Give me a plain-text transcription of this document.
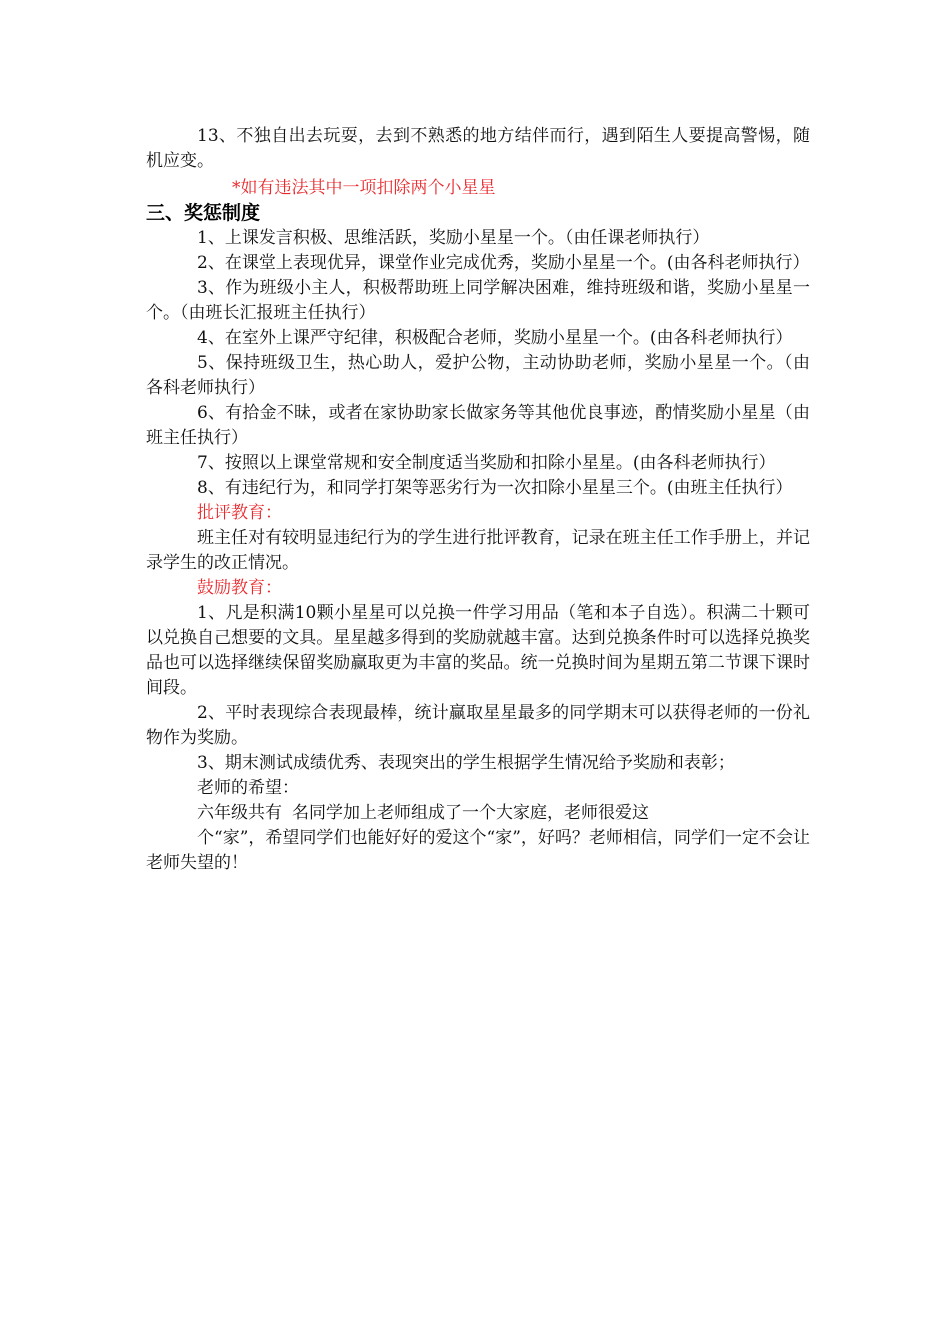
13、不独自出去玩耍，去到不熟悉的地方结伴而行，遇到陌生人要提高警惕，随机应变。

*如有违法其中一项扣除两个小星星

三、奖惩制度

1、上课发言积极、思维活跃，奖励小星星一个。（由任课老师执行）

2、在课堂上表现优异，课堂作业完成优秀，奖励小星星一个。(由各科老师执行）

3、作为班级小主人，积极帮助班上同学解决困难，维持班级和谐，奖励小星星一个。（由班长汇报班主任执行）

4、在室外上课严守纪律，积极配合老师，奖励小星星一个。(由各科老师执行）

5、保持班级卫生，热心助人，爱护公物，主动协助老师，奖励小星星一个。（由各科老师执行）

6、有拾金不昧，或者在家协助家长做家务等其他优良事迹，酌情奖励小星星（由班主任执行）

7、按照以上课堂常规和安全制度适当奖励和扣除小星星。(由各科老师执行）

8、有违纪行为，和同学打架等恶劣行为一次扣除小星星三个。(由班主任执行）

批评教育：

班主任对有较明显违纪行为的学生进行批评教育，记录在班主任工作手册上，并记录学生的改正情况。

鼓励教育：

1、凡是积满10颗小星星可以兑换一件学习用品（笔和本子自选）。积满二十颗可以兑换自己想要的文具。星星越多得到的奖励就越丰富。达到兑换条件时可以选择兑换奖品也可以选择继续保留奖励赢取更为丰富的奖品。统一兑换时间为星期五第二节课下课时间段。

2、平时表现综合表现最棒，统计赢取星星最多的同学期末可以获得老师的一份礼物作为奖励。

3、期末测试成绩优秀、表现突出的学生根据学生情况给予奖励和表彰；

老师的希望：

六年级共有 名同学加上老师组成了一个大家庭，老师很爱这

个“家”，希望同学们也能好好的爱这个“家”，好吗？老师相信，同学们一定不会让老师失望的！
